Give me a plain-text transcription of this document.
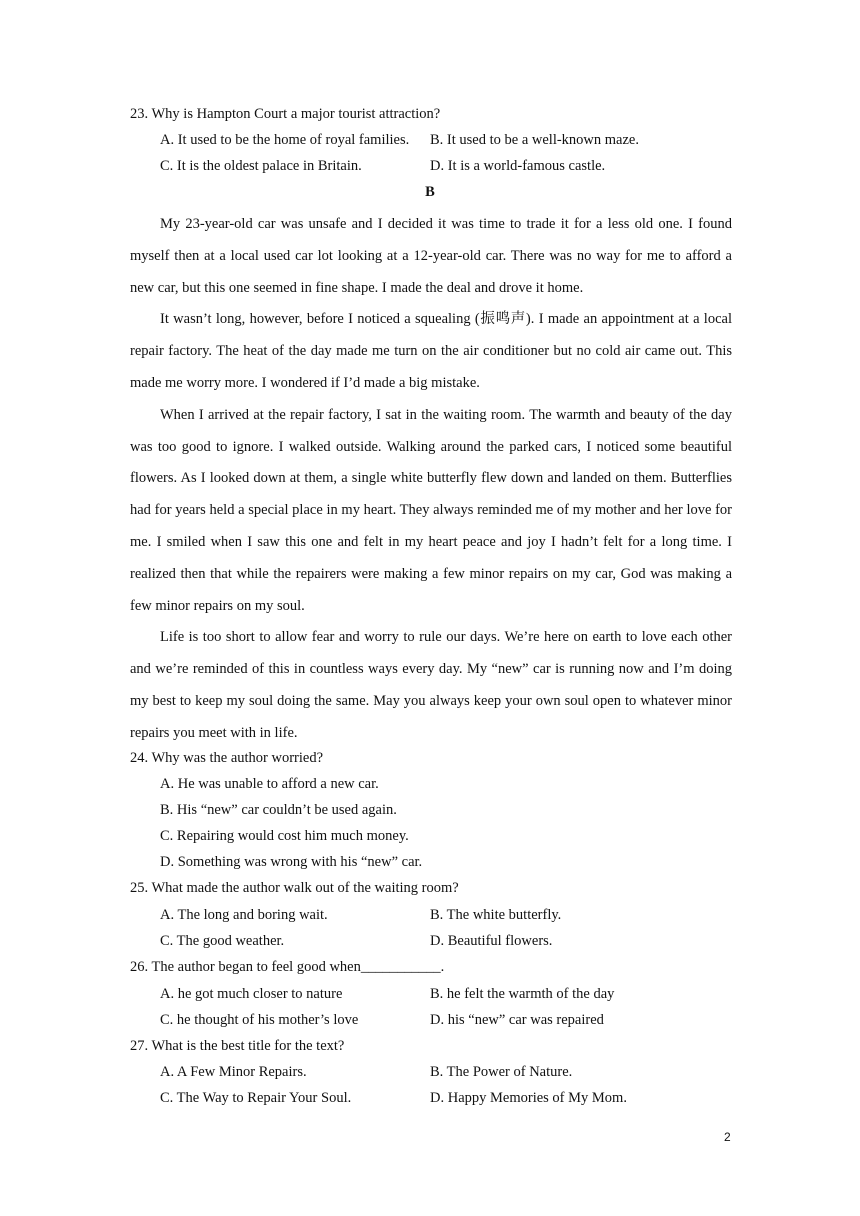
23. Why is Hampton Court a major tourist attraction?
A. It used to be the home of royal families. B. It used to be a well-known maze.
C. It is the oldest palace in Britain.	D. It is a world-famous castle.
B

My 23-year-old car was unsafe and I decided it was time to trade it for a less old one. I found myself then at a local used car lot looking at a 12-year-old car. There was no way for me to afford a new car, but this one seemed in fine shape. I made the deal and drove it home.

It wasn’t long, however, before I noticed a squealing (振鸣声). I made an appointment at a local repair factory. The heat of the day made me turn on the air conditioner but no cold air came out. This made me worry more. I wondered if I’d made a big mistake.

When I arrived at the repair factory, I sat in the waiting room. The warmth and beauty of the day was too good to ignore. I walked outside. Walking around the parked cars, I noticed some beautiful flowers. As I looked down at them, a single white butterfly flew down and landed on them. Butterflies had for years held a special place in my heart. They always reminded me of my mother and her love for me. I smiled when I saw this one and felt in my heart peace and joy I hadn’t felt for a long time. I realized then that while the repairers were making a few minor repairs on my car, God was making a few minor repairs on my soul.

Life is too short to allow fear and worry to rule our days. We’re here on earth to love each other and we’re reminded of this in countless ways every day. My “new” car is running now and I’m doing my best to keep my soul doing the same. May you always keep your own soul open to whatever minor repairs you meet with in life.

24. Why was the author worried?
A. He was unable to afford a new car.
B. His “new” car couldn’t be used again.
C. Repairing would cost him much money.
D. Something was wrong with his “new” car.
25. What made the author walk out of the waiting room?
A. The long and boring wait.	B. The white butterfly.
C. The good weather.	D. Beautiful flowers.
26. The author began to feel good when___________.
A. he got much closer to nature	B. he felt the warmth of the day
C. he thought of his mother’s love	D. his “new” car was repaired
27. What is the best title for the text?
A. A Few Minor Repairs.	B. The Power of Nature.
C. The Way to Repair Your Soul.	D. Happy Memories of My Mom.
2
